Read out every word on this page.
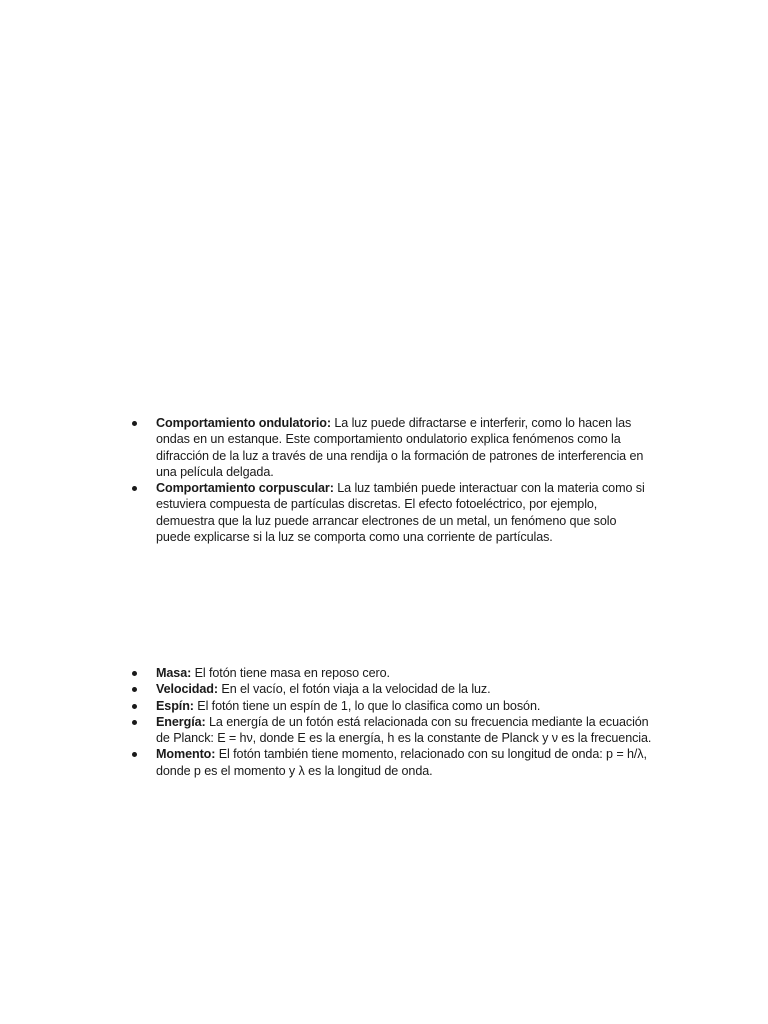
Comportamiento ondulatorio: La luz puede difractarse e interferir, como lo hacen las ondas en un estanque. Este comportamiento ondulatorio explica fenómenos como la difracción de la luz a través de una rendija o la formación de patrones de interferencia en una película delgada.
Comportamiento corpuscular: La luz también puede interactuar con la materia como si estuviera compuesta de partículas discretas. El efecto fotoeléctrico, por ejemplo, demuestra que la luz puede arrancar electrones de un metal, un fenómeno que solo puede explicarse si la luz se comporta como una corriente de partículas.
Masa: El fotón tiene masa en reposo cero.
Velocidad: En el vacío, el fotón viaja a la velocidad de la luz.
Espín: El fotón tiene un espín de 1, lo que lo clasifica como un bosón.
Energía: La energía de un fotón está relacionada con su frecuencia mediante la ecuación de Planck: E = hν, donde E es la energía, h es la constante de Planck y ν es la frecuencia.
Momento: El fotón también tiene momento, relacionado con su longitud de onda: p = h/λ, donde p es el momento y λ es la longitud de onda.
